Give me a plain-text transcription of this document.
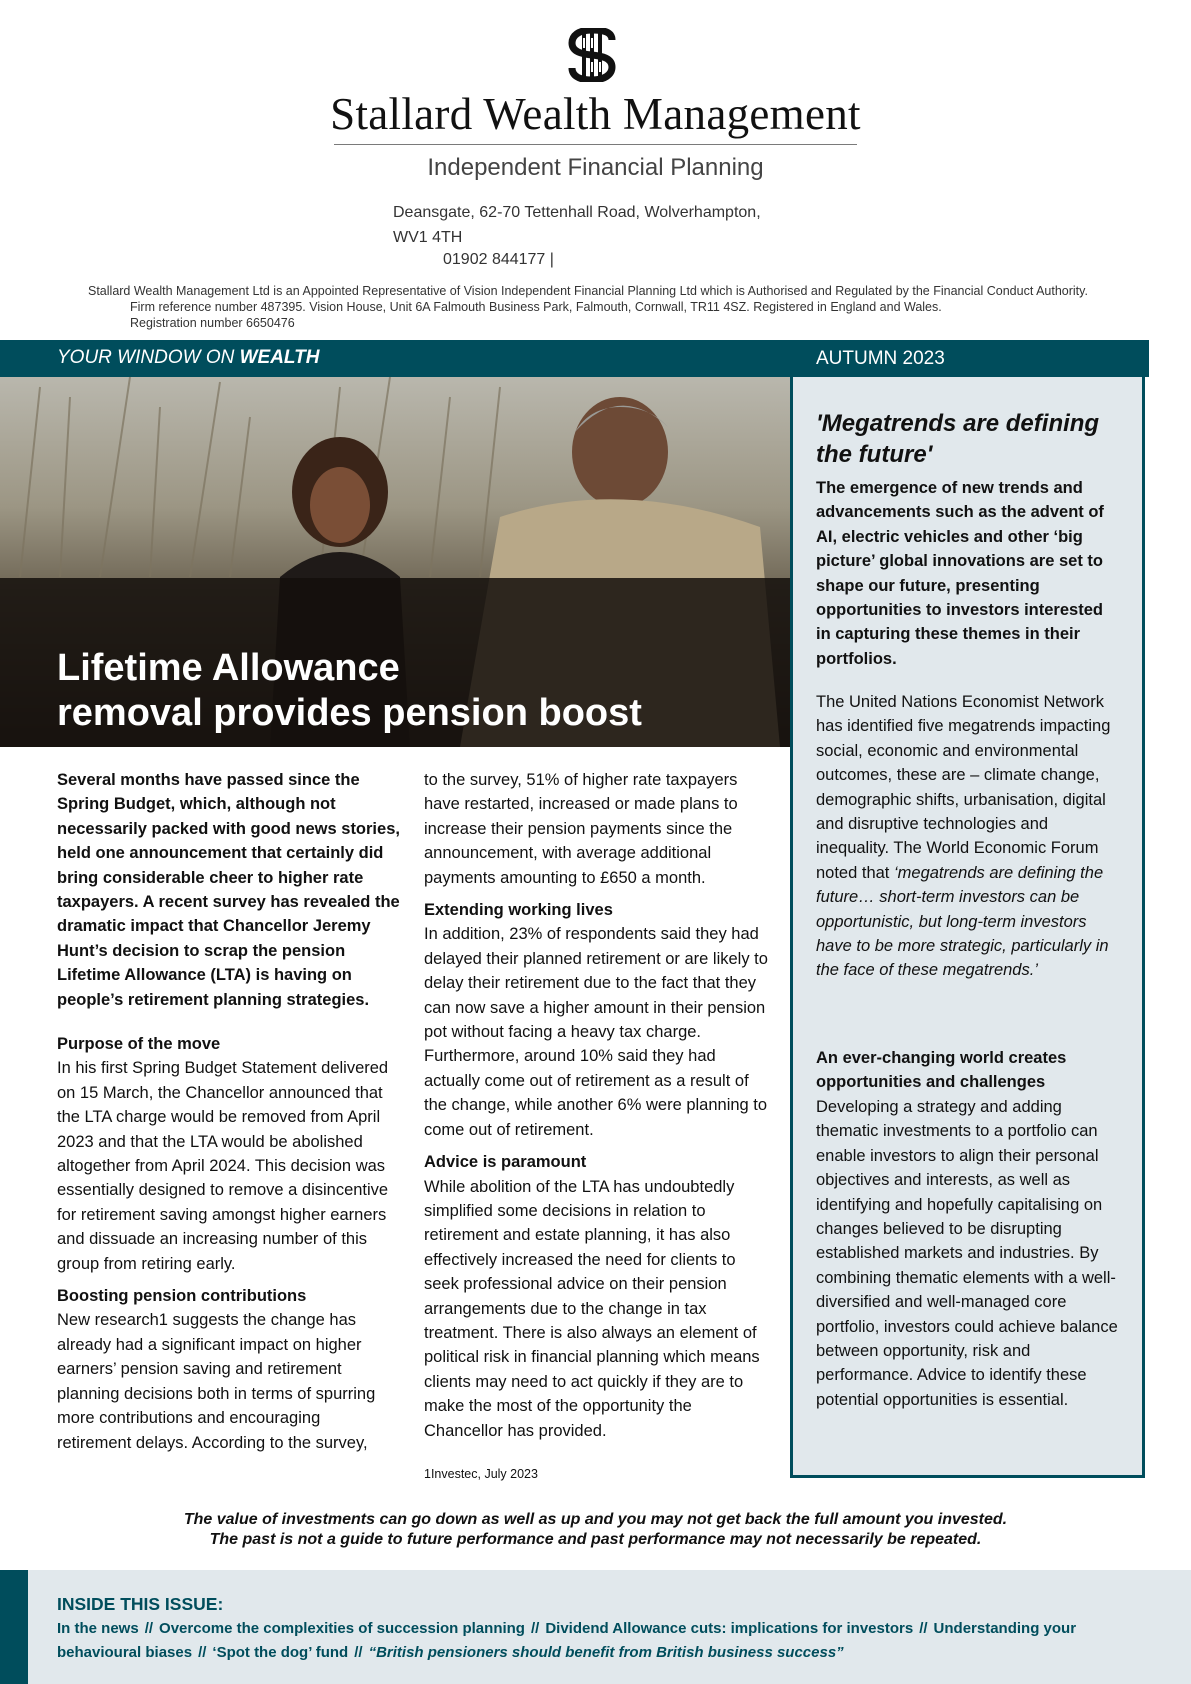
Stallard Wealth Management
Independent Financial Planning
Deansgate, 62-70 Tettenhall Road, Wolverhampton,
WV1 4TH
01902 844177 |
Stallard Wealth Management Ltd is an Appointed Representative of Vision Independent Financial Planning Ltd which is Authorised and Regulated by the Financial Conduct Authority.
Firm reference number 487395. Vision House, Unit 6A Falmouth Business Park, Falmouth, Cornwall, TR11 4SZ. Registered in England and Wales.
Registration number 6650476
YOUR WINDOW ON WEALTH	AUTUMN 2023
Lifetime Allowance
removal provides pension boost
Several months have passed since the Spring Budget, which, although not necessarily packed with good news stories, held one announcement that certainly did bring considerable cheer to higher rate taxpayers. A recent survey has revealed the dramatic impact that Chancellor Jeremy Hunt’s decision to scrap the pension Lifetime Allowance (LTA) is having on people’s retirement planning strategies.
Purpose of the move
In his first Spring Budget Statement delivered on 15 March, the Chancellor announced that the LTA charge would be removed from April 2023 and that the LTA would be abolished altogether from April 2024. This decision was essentially designed to remove a disincentive for retirement saving amongst higher earners and dissuade an increasing number of this group from retiring early.
Boosting pension contributions
New research1 suggests the change has already had a significant impact on higher earners’ pension saving and retirement planning decisions both in terms of spurring more contributions and encouraging retirement delays. According to the survey,
to the survey, 51% of higher rate taxpayers have restarted, increased or made plans to increase their pension payments since the announcement, with average additional payments amounting to £650 a month.
Extending working lives
In addition, 23% of respondents said they had delayed their planned retirement or are likely to delay their retirement due to the fact that they can now save a higher amount in their pension pot without facing a heavy tax charge. Furthermore, around 10% said they had actually come out of retirement as a result of the change, while another 6% were planning to come out of retirement.
Advice is paramount
While abolition of the LTA has undoubtedly simplified some decisions in relation to retirement and estate planning, it has also effectively increased the need for clients to seek professional advice on their pension arrangements due to the change in tax treatment. There is also always an element of political risk in financial planning which means clients may need to act quickly if they are to make the most of the opportunity the Chancellor has provided.
1Investec, July 2023
'Megatrends are defining the future'
The emergence of new trends and advancements such as the advent of AI, electric vehicles and other ‘big picture’ global innovations are set to shape our future, presenting opportunities to investors interested in capturing these themes in their portfolios.
The United Nations Economist Network has identified five megatrends impacting social, economic and environmental outcomes, these are – climate change, demographic shifts, urbanisation, digital and disruptive technologies and inequality. The World Economic Forum noted that ‘megatrends are defining the future… short-term investors can be opportunistic, but long-term investors have to be more strategic, particularly in the face of these megatrends.’
An ever-changing world creates opportunities and challenges
Developing a strategy and adding thematic investments to a portfolio can enable investors to align their personal objectives and interests, as well as identifying and hopefully capitalising on changes believed to be disrupting established markets and industries. By combining thematic elements with a well-diversified and well-managed core portfolio, investors could achieve balance between opportunity, risk and performance. Advice to identify these potential opportunities is essential.
The value of investments can go down as well as up and you may not get back the full amount you invested.
The past is not a guide to future performance and past performance may not necessarily be repeated.
INSIDE THIS ISSUE:
In the news // Overcome the complexities of succession planning // Dividend Allowance cuts: implications for investors // Understanding your behavioural biases // ‘Spot the dog’ fund // “British pensioners should benefit from British business success”
